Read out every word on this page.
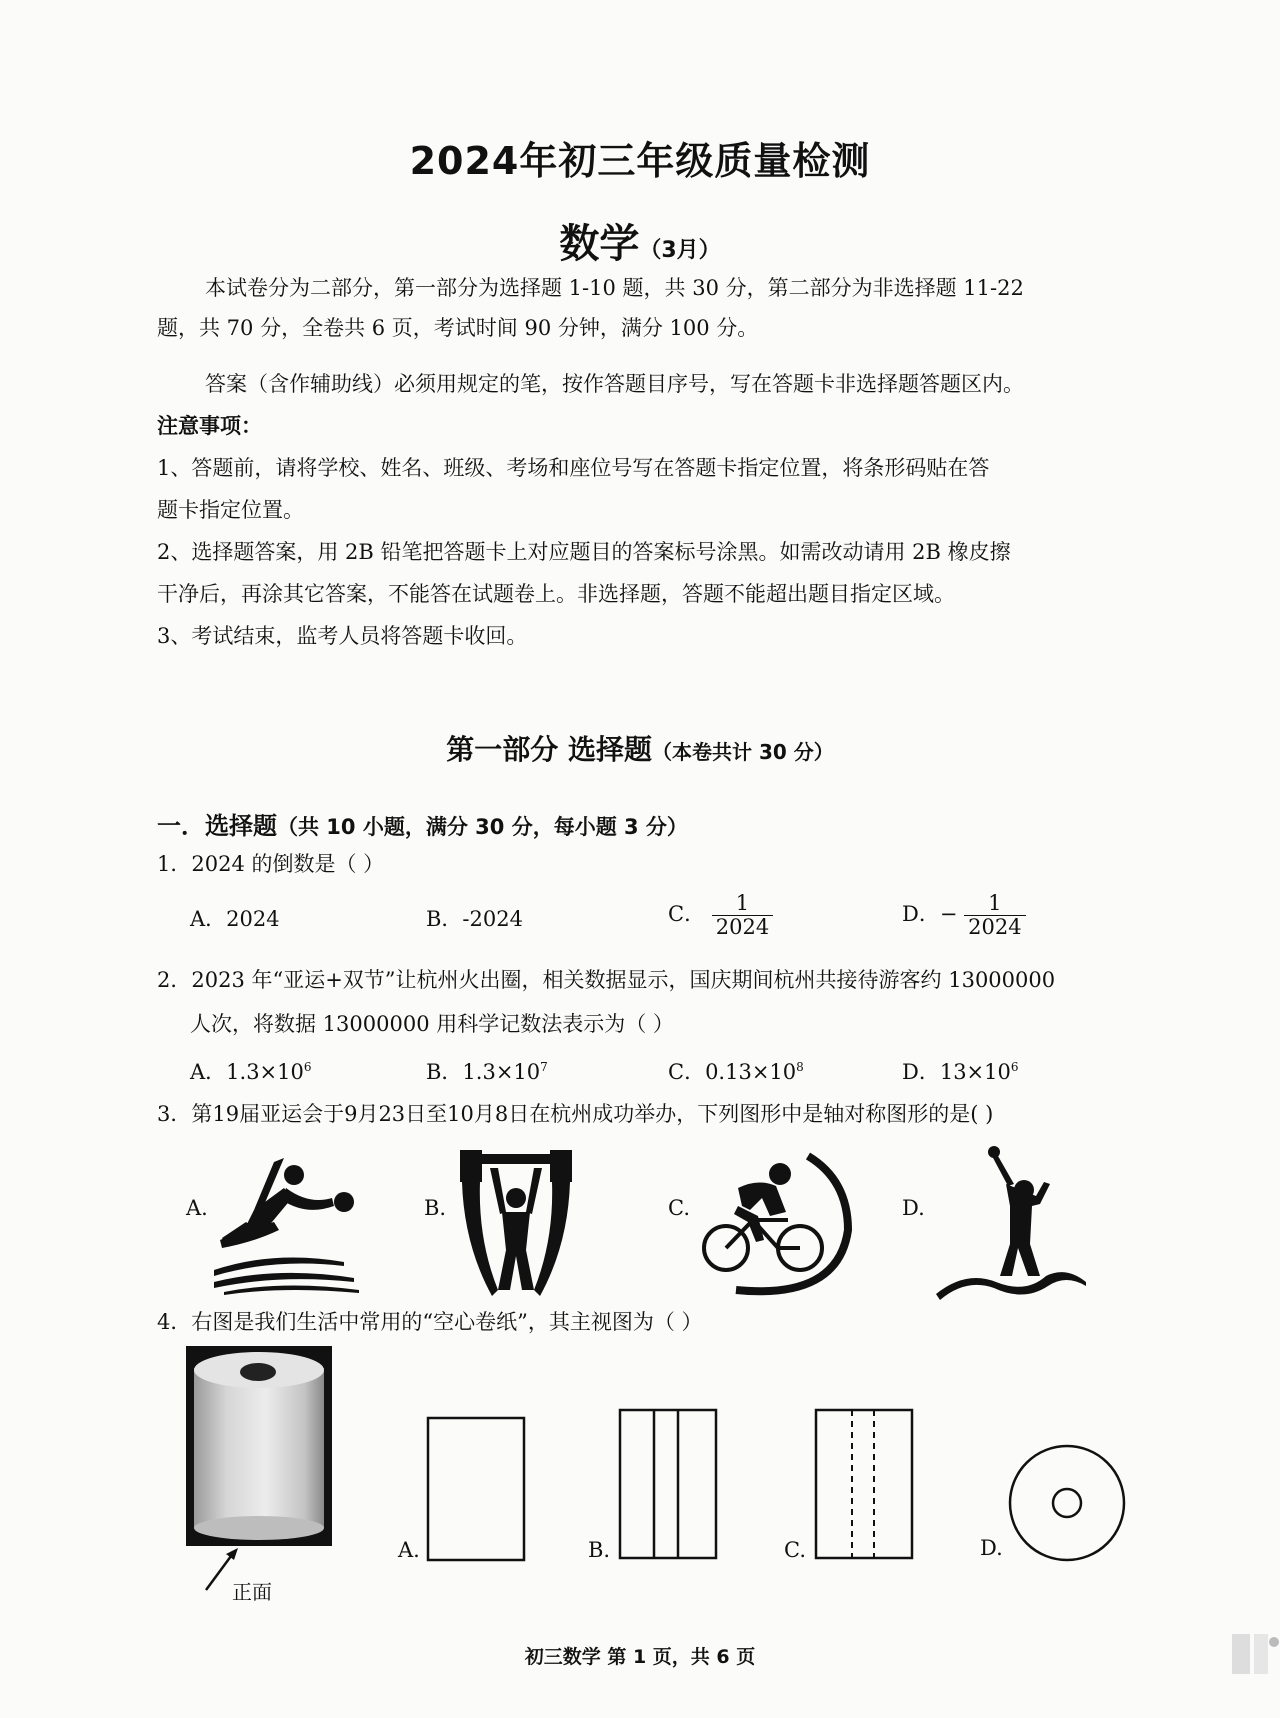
2024年初三年级质量检测
数学（3月）
本试卷分为二部分，第一部分为选择题 1-10 题，共 30 分，第二部分为非选择题 11-22
题，共 70 分，全卷共 6 页，考试时间 90 分钟，满分 100 分。
答案（含作辅助线）必须用规定的笔，按作答题目序号，写在答题卡非选择题答题区内。
注意事项：
1、答题前，请将学校、姓名、班级、考场和座位号写在答题卡指定位置，将条形码贴在答
题卡指定位置。
2、选择题答案，用 2B 铅笔把答题卡上对应题目的答案标号涂黑。如需改动请用 2B 橡皮擦
干净后，再涂其它答案，不能答在试题卷上。非选择题，答题不能超出题目指定区域。
3、考试结束，监考人员将答题卡收回。
第一部分 选择题（本卷共计 30 分）
一．选择题（共 10 小题，满分 30 分，每小题 3 分）
1．2024 的倒数是（ ）
A．2024	B．-2024	C． $\frac{1}{2024}$	D．− $\frac{1}{2024}$
2．2023 年“亚运+双节”让杭州火出圈，相关数据显示，国庆期间杭州共接待游客约 13000000
人次，将数据 13000000 用科学记数法表示为（ ）
A．$1.3\times 10^6$	B．$1.3\times 10^7$	C．$0.13\times 10^8$	D．$13\times 10^6$
3．第19届亚运会于9月23日至10月8日在杭州成功举办，下列图形中是轴对称图形的是( )
A.	B.	C.	D.
4．右图是我们生活中常用的“空心卷纸”，其主视图为（ ）
正面
A.	B.	C.	D.
初三数学 第 1 页，共 6 页
